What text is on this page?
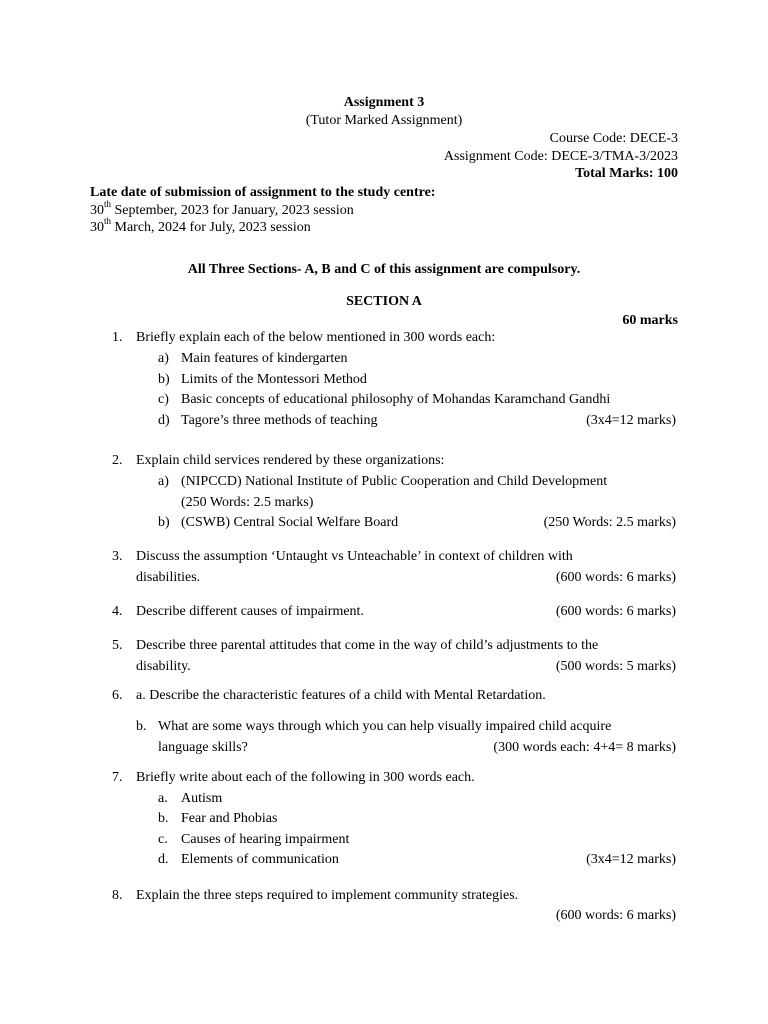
Assignment 3
(Tutor Marked Assignment)
Course Code: DECE-3
Assignment Code: DECE-3/TMA-3/2023
Total Marks: 100
Late date of submission of assignment to the study centre:
30th September, 2023 for January, 2023 session
30th March, 2024 for July, 2023 session
All Three Sections- A, B and C of this assignment are compulsory.
SECTION A
60 marks
1. Briefly explain each of the below mentioned in 300 words each:
a) Main features of kindergarten
b) Limits of the Montessori Method
c) Basic concepts of educational philosophy of Mohandas Karamchand Gandhi
d) Tagore’s three methods of teaching	(3x4=12 marks)
2. Explain child services rendered by these organizations:
a) (NIPCCD) National Institute of Public Cooperation and Child Development
(250 Words: 2.5 marks)
b) (CSWB) Central Social Welfare Board	(250 Words: 2.5 marks)
3. Discuss the assumption ‘Untaught vs Unteachable’ in context of children with
disabilities.	(600 words: 6 marks)
4. Describe different causes of impairment.	(600 words: 6 marks)
5. Describe three parental attitudes that come in the way of child’s adjustments to the
disability.	(500 words: 5 marks)
6. a. Describe the characteristic features of a child with Mental Retardation.
b. What are some ways through which you can help visually impaired child acquire
language skills?	(300 words each: 4+4= 8 marks)
7. Briefly write about each of the following in 300 words each.
a. Autism
b. Fear and Phobias
c. Causes of hearing impairment
d. Elements of communication	(3x4=12 marks)
8. Explain the three steps required to implement community strategies.
(600 words: 6 marks)
